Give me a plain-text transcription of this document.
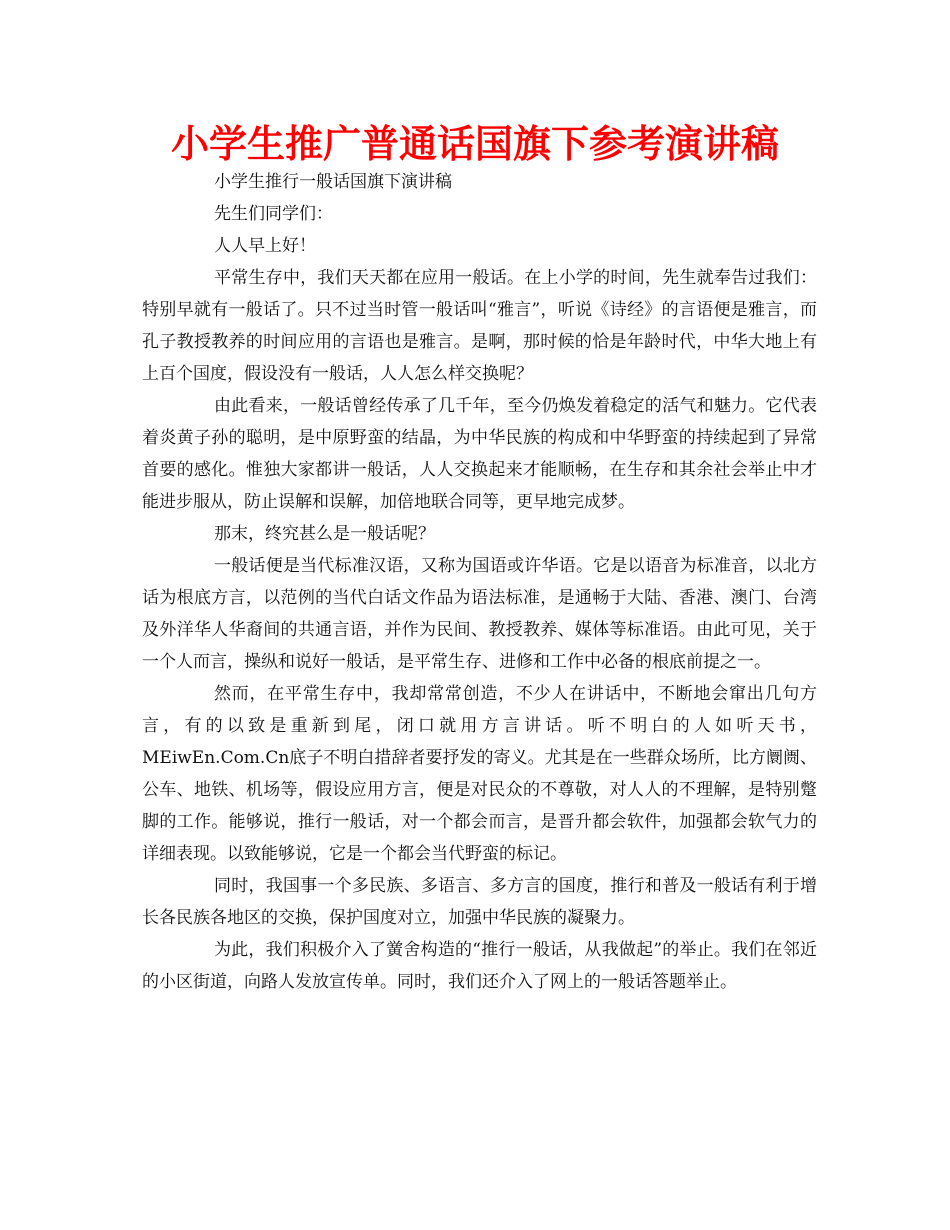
小学生推广普通话国旗下参考演讲稿

小学生推行一般话国旗下演讲稿

先生们同学们：

人人早上好！

平常生存中，我们天天都在应用一般话。在上小学的时间，先生就奉告过我们：特别早就有一般话了。只不过当时管一般话叫“雅言”，听说《诗经》的言语便是雅言，而孔子教授教养的时间应用的言语也是雅言。是啊，那时候的恰是年龄时代，中华大地上有上百个国度，假设没有一般话，人人怎么样交换呢？

由此看来，一般话曾经传承了几千年，至今仍焕发着稳定的活气和魅力。它代表着炎黄子孙的聪明，是中原野蛮的结晶，为中华民族的构成和中华野蛮的持续起到了异常首要的感化。惟独大家都讲一般话，人人交换起来才能顺畅，在生存和其余社会举止中才能进步服从，防止误解和误解，加倍地联合同等，更早地完成梦。

那末，终究甚么是一般话呢？

一般话便是当代标准汉语，又称为国语或许华语。它是以语音为标准音，以北方话为根底方言，以范例的当代白话文作品为语法标准，是通畅于大陆、香港、澳门、台湾及外洋华人华裔间的共通言语，并作为民间、教授教养、媒体等标准语。由此可见，关于一个人而言，操纵和说好一般话，是平常生存、进修和工作中必备的根底前提之一。

然而，在平常生存中，我却常常创造，不少人在讲话中，不断地会窜出几句方言，有的以致是重新到尾，闭口就用方言讲话。听不明白的人如听天书，MEiwEn.Com.Cn底子不明白措辞者要抒发的寄义。尤其是在一些群众场所，比方阛阓、公车、地铁、机场等，假设应用方言，便是对民众的不尊敬，对人人的不理解，是特别蹩脚的工作。能够说，推行一般话，对一个都会而言，是晋升都会软件，加强都会软气力的详细表现。以致能够说，它是一个都会当代野蛮的标记。

同时，我国事一个多民族、多语言、多方言的国度，推行和普及一般话有利于增长各民族各地区的交换，保护国度对立，加强中华民族的凝聚力。

为此，我们积极介入了黉舍构造的“推行一般话，从我做起”的举止。我们在邻近的小区街道，向路人发放宣传单。同时，我们还介入了网上的一般话答题举止。
